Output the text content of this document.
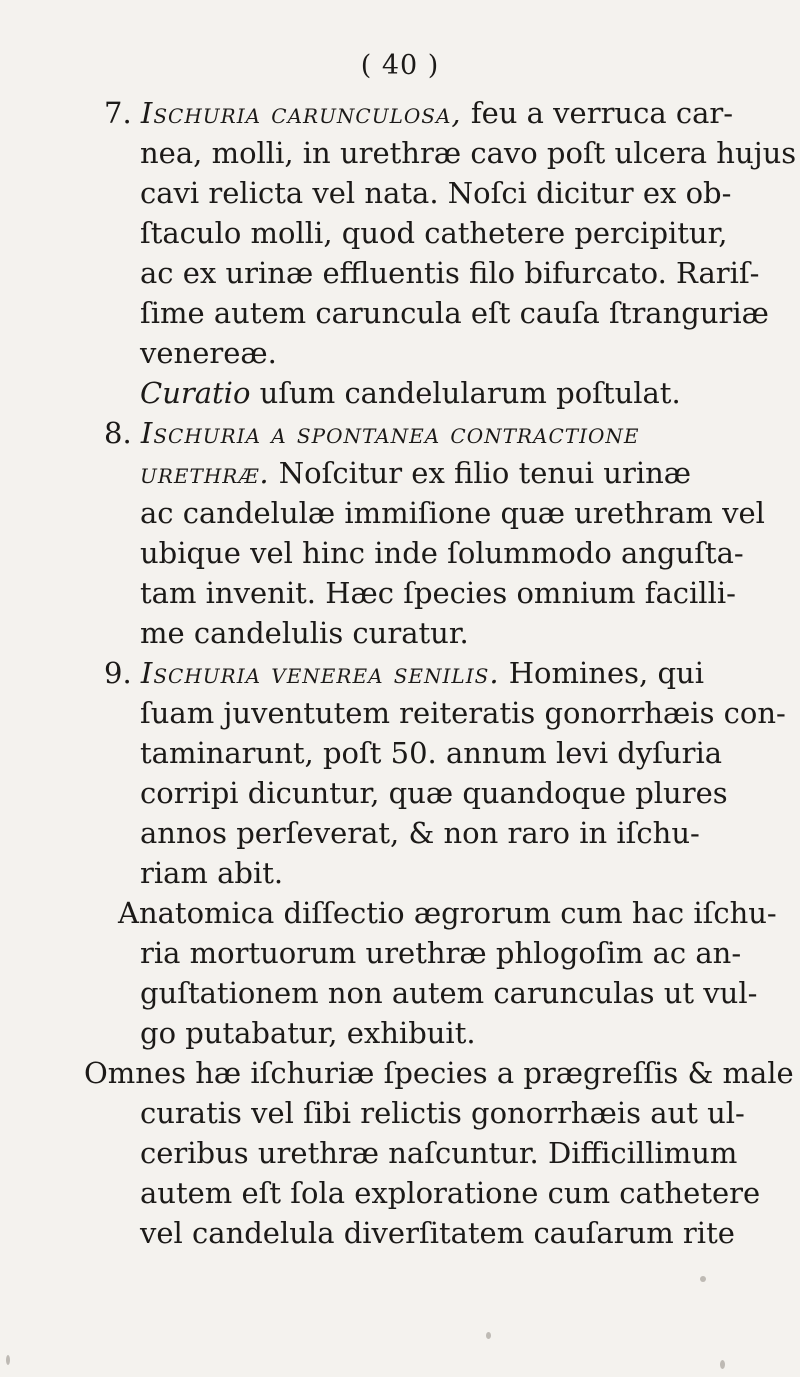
( 40 )
7. Ischuria carunculosa, feu a verruca car-
nea, molli, in urethræ cavo poſt ulcera hujus
cavi relicta vel nata. Noſci dicitur ex ob-
ſtaculo molli, quod cathetere percipitur,
ac ex urinæ effluentis filo bifurcato. Rariſ-
ſime autem caruncula eſt cauſa ſtranguriæ
venereæ.
Curatio uſum candelularum poſtulat.
8. Ischuria a spontanea contractione
urethræ. Noſcitur ex filio tenui urinæ
ac candelulæ immiſione quæ urethram vel
ubique vel hinc inde ſolummodo anguſta-
tam invenit. Hæc ſpecies omnium facilli-
me candelulis curatur.
9. Ischuria venerea senilis. Homines, qui
ſuam juventutem reiteratis gonorrhæis con-
taminarunt, poſt 50. annum levi dyſuria
corripi dicuntur, quæ quandoque plures
annos perſeverat, & non raro in iſchu-
riam abit.
Anatomica diſſectio ægrorum cum hac iſchu-
ria mortuorum urethræ phlogoſim ac an-
guſtationem non autem carunculas ut vul-
go putabatur, exhibuit.
Omnes hæ iſchuriæ ſpecies a prægreſſis & male
curatis vel ſibi relictis gonorrhæis aut ul-
ceribus urethræ naſcuntur. Difficillimum
autem eſt ſola exploratione cum cathetere
vel candelula diverſitatem cauſarum rite
